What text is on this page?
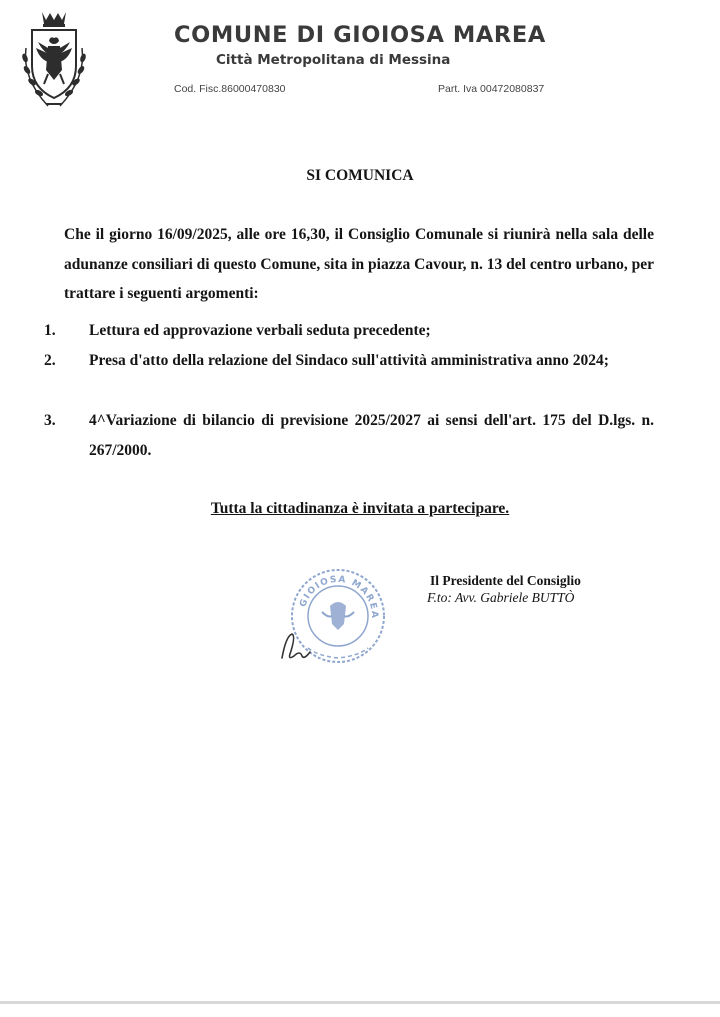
COMUNE DI GIOIOSA MAREA
Città Metropolitana di Messina
Cod. Fisc.86000470830	Part. Iva 00472080837
SI COMUNICA
Che il giorno 16/09/2025, alle ore 16,30, il Consiglio Comunale si riunirà nella sala delle adunanze consiliari di questo Comune, sita in piazza Cavour, n. 13 del centro urbano, per trattare i seguenti argomenti:
1. Lettura ed approvazione verbali seduta precedente;
2. Presa d'atto della relazione del Sindaco sull'attività amministrativa anno 2024;
3. 4^Variazione di bilancio di previsione 2025/2027 ai sensi dell'art. 175 del D.lgs. n. 267/2000.
Tutta la cittadinanza è invitata a partecipare.
GIOIOSA MAREA
Il Presidente del Consiglio
F.to: Avv. Gabriele BUTTÒ
